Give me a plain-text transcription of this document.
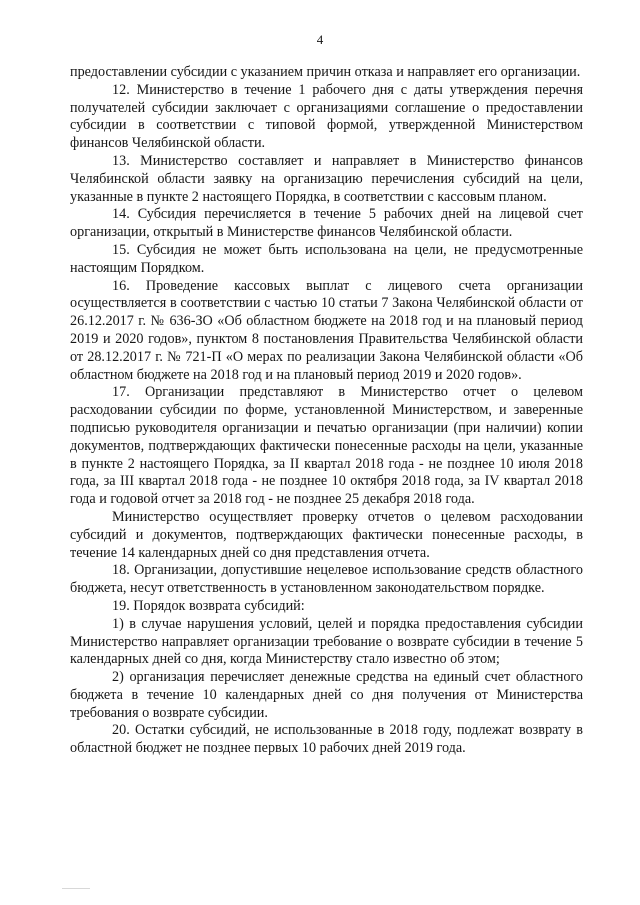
4

предоставлении субсидии с указанием причин отказа и направляет его организации.

12. Министерство в течение 1 рабочего дня с даты утверждения перечня получателей субсидии заключает с организациями соглашение о предоставлении субсидии в соответствии с типовой формой, утвержденной Министерством финансов Челябинской области.

13. Министерство составляет и направляет в Министерство финансов Челябинской области заявку на организацию перечисления субсидий на цели, указанные в пункте 2 настоящего Порядка, в соответствии с кассовым планом.

14. Субсидия перечисляется в течение 5 рабочих дней на лицевой счет организации, открытый в Министерстве финансов Челябинской области.

15. Субсидия не может быть использована на цели, не предусмотренные настоящим Порядком.

16. Проведение кассовых выплат с лицевого счета организации осуществляется в соответствии с частью 10 статьи 7 Закона Челябинской области от 26.12.2017 г. № 636-ЗО «Об областном бюджете на 2018 год и на плановый период 2019 и 2020 годов», пунктом 8 постановления Правительства Челябинской области от 28.12.2017 г. № 721-П «О мерах по реализации Закона Челябинской области «Об областном бюджете на 2018 год и на плановый период 2019 и 2020 годов».

17. Организации представляют в Министерство отчет о целевом расходовании субсидии по форме, установленной Министерством, и заверенные подписью руководителя организации и печатью организации (при наличии) копии документов, подтверждающих фактически понесенные расходы на цели, указанные в пункте 2 настоящего Порядка, за II квартал 2018 года - не позднее 10 июля 2018 года, за III квартал 2018 года - не позднее 10 октября 2018 года, за IV квартал 2018 года и годовой отчет за 2018 год - не позднее 25 декабря 2018 года.

Министерство осуществляет проверку отчетов о целевом расходовании субсидий и документов, подтверждающих фактически понесенные расходы, в течение 14 календарных дней со дня представления отчета.

18. Организации, допустившие нецелевое использование средств областного бюджета, несут ответственность в установленном законодательством порядке.

19. Порядок возврата субсидий:

1) в случае нарушения условий, целей и порядка предоставления субсидии Министерство направляет организации требование о возврате субсидии в течение 5 календарных дней со дня, когда Министерству стало известно об этом;

2) организация перечисляет денежные средства на единый счет областного бюджета в течение 10 календарных дней со дня получения от Министерства требования о возврате субсидии.

20. Остатки субсидий, не использованные в 2018 году, подлежат возврату в областной бюджет не позднее первых 10 рабочих дней 2019 года.
